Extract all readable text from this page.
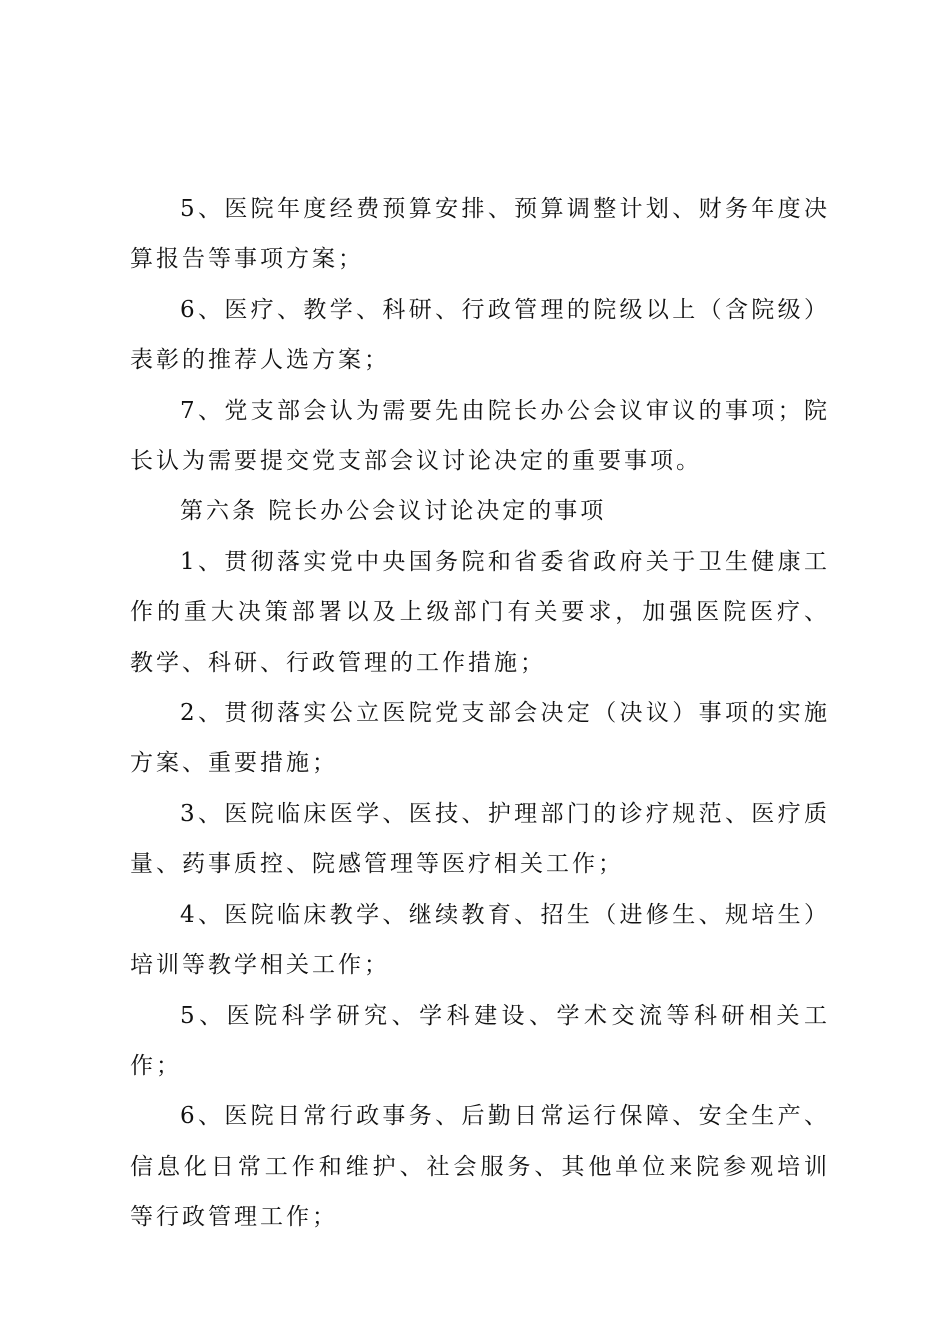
5、医院年度经费预算安排、预算调整计划、财务年度决算报告等事项方案；

6、医疗、教学、科研、行政管理的院级以上（含院级）表彰的推荐人选方案；

7、党支部会认为需要先由院长办公会议审议的事项；院长认为需要提交党支部会议讨论决定的重要事项。

第六条 院长办公会议讨论决定的事项

1、贯彻落实党中央国务院和省委省政府关于卫生健康工作的重大决策部署以及上级部门有关要求，加强医院医疗、教学、科研、行政管理的工作措施；

2、贯彻落实公立医院党支部会决定（决议）事项的实施方案、重要措施；

3、医院临床医学、医技、护理部门的诊疗规范、医疗质量、药事质控、院感管理等医疗相关工作；

4、医院临床教学、继续教育、招生（进修生、规培生）培训等教学相关工作；

5、医院科学研究、学科建设、学术交流等科研相关工作；

6、医院日常行政事务、后勤日常运行保障、安全生产、信息化日常工作和维护、社会服务、其他单位来院参观培训等行政管理工作；
